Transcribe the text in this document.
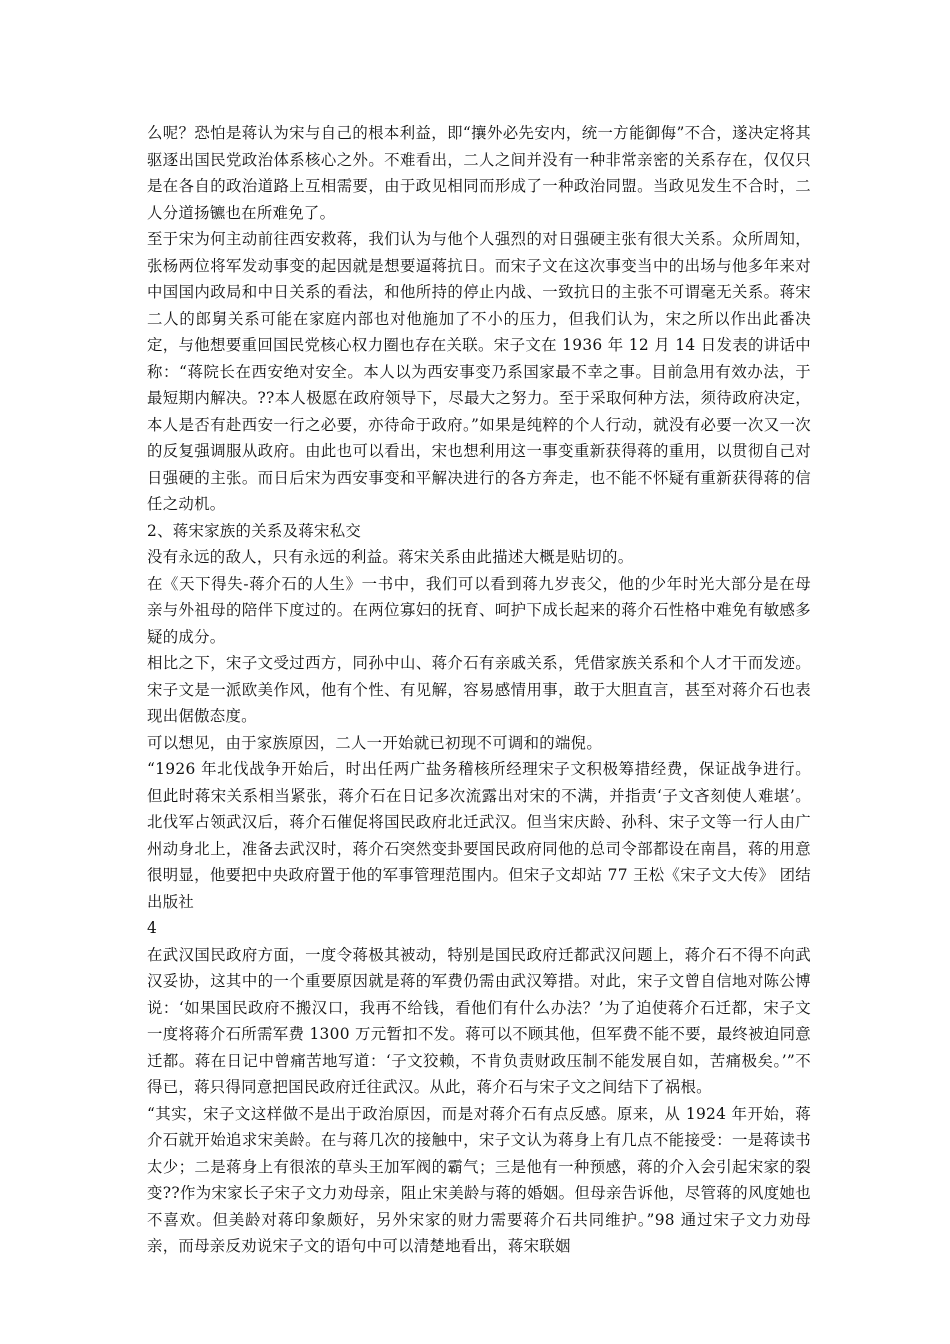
么呢？恐怕是蒋认为宋与自己的根本利益，即“攘外必先安内，统一方能御侮”不合，遂决定将其驱逐出国民党政治体系核心之外。不难看出，二人之间并没有一种非常亲密的关系存在，仅仅只是在各自的政治道路上互相需要，由于政见相同而形成了一种政治同盟。当政见发生不合时，二人分道扬镳也在所难免了。

至于宋为何主动前往西安救蒋，我们认为与他个人强烈的对日强硬主张有很大关系。众所周知，张杨两位将军发动事变的起因就是想要逼蒋抗日。而宋子文在这次事变当中的出场与他多年来对中国国内政局和中日关系的看法，和他所持的停止内战、一致抗日的主张不可谓毫无关系。蒋宋二人的郎舅关系可能在家庭内部也对他施加了不小的压力，但我们认为，宋之所以作出此番决定，与他想要重回国民党核心权力圈也存在关联。宋子文在 1936 年 12 月 14 日发表的讲话中称：“蒋院长在西安绝对安全。本人以为西安事变乃系国家最不幸之事。目前急用有效办法，于最短期内解决。??本人极愿在政府领导下，尽最大之努力。至于采取何种方法，须待政府决定，本人是否有赴西安一行之必要，亦待命于政府。”如果是纯粹的个人行动，就没有必要一次又一次的反复强调服从政府。由此也可以看出，宋也想利用这一事变重新获得蒋的重用，以贯彻自己对日强硬的主张。而日后宋为西安事变和平解决进行的各方奔走，也不能不怀疑有重新获得蒋的信任之动机。

2、蒋宋家族的关系及蒋宋私交

没有永远的敌人，只有永远的利益。蒋宋关系由此描述大概是贴切的。

在《天下得失-蒋介石的人生》一书中，我们可以看到蒋九岁丧父，他的少年时光大部分是在母亲与外祖母的陪伴下度过的。在两位寡妇的抚育、呵护下成长起来的蒋介石性格中难免有敏感多疑的成分。

相比之下，宋子文受过西方，同孙中山、蒋介石有亲戚关系，凭借家族关系和个人才干而发迹。宋子文是一派欧美作风，他有个性、有见解，容易感情用事，敢于大胆直言，甚至对蒋介石也表现出倨傲态度。

可以想见，由于家族原因，二人一开始就已初现不可调和的端倪。

“1926 年北伐战争开始后，时出任两广盐务稽核所经理宋子文积极筹措经费，保证战争进行。但此时蒋宋关系相当紧张，蒋介石在日记多次流露出对宋的不满，并指责‘子文吝刻使人难堪’。北伐军占领武汉后，蒋介石催促将国民政府北迁武汉。但当宋庆龄、孙科、宋子文等一行人由广州动身北上，准备去武汉时，蒋介石突然变卦要国民政府同他的总司令部都设在南昌，蒋的用意很明显，他要把中央政府置于他的军事管理范围内。但宋子文却站 77 王松《宋子文大传》 团结出版社

4

在武汉国民政府方面，一度令蒋极其被动，特别是国民政府迁都武汉问题上，蒋介石不得不向武汉妥协，这其中的一个重要原因就是蒋的军费仍需由武汉筹措。对此，宋子文曾自信地对陈公博说：‘如果国民政府不搬汉口，我再不给钱，看他们有什么办法？’为了迫使蒋介石迁都，宋子文一度将蒋介石所需军费 1300 万元暂扣不发。蒋可以不顾其他，但军费不能不要，最终被迫同意迁都。蒋在日记中曾痛苦地写道：‘子文狡赖，不肯负责财政压制不能发展自如，苦痛极矣。’”不得已，蒋只得同意把国民政府迁往武汉。从此，蒋介石与宋子文之间结下了祸根。

“其实，宋子文这样做不是出于政治原因，而是对蒋介石有点反感。原来，从 1924 年开始，蒋介石就开始追求宋美龄。在与蒋几次的接触中，宋子文认为蒋身上有几点不能接受：一是蒋读书太少；二是蒋身上有很浓的草头王加军阀的霸气；三是他有一种预感，蒋的介入会引起宋家的裂变??作为宋家长子宋子文力劝母亲，阻止宋美龄与蒋的婚姻。但母亲告诉他，尽管蒋的风度她也不喜欢。但美龄对蒋印象颇好，另外宋家的财力需要蒋介石共同维护。”98 通过宋子文力劝母亲，而母亲反劝说宋子文的语句中可以清楚地看出，蒋宋联姻
